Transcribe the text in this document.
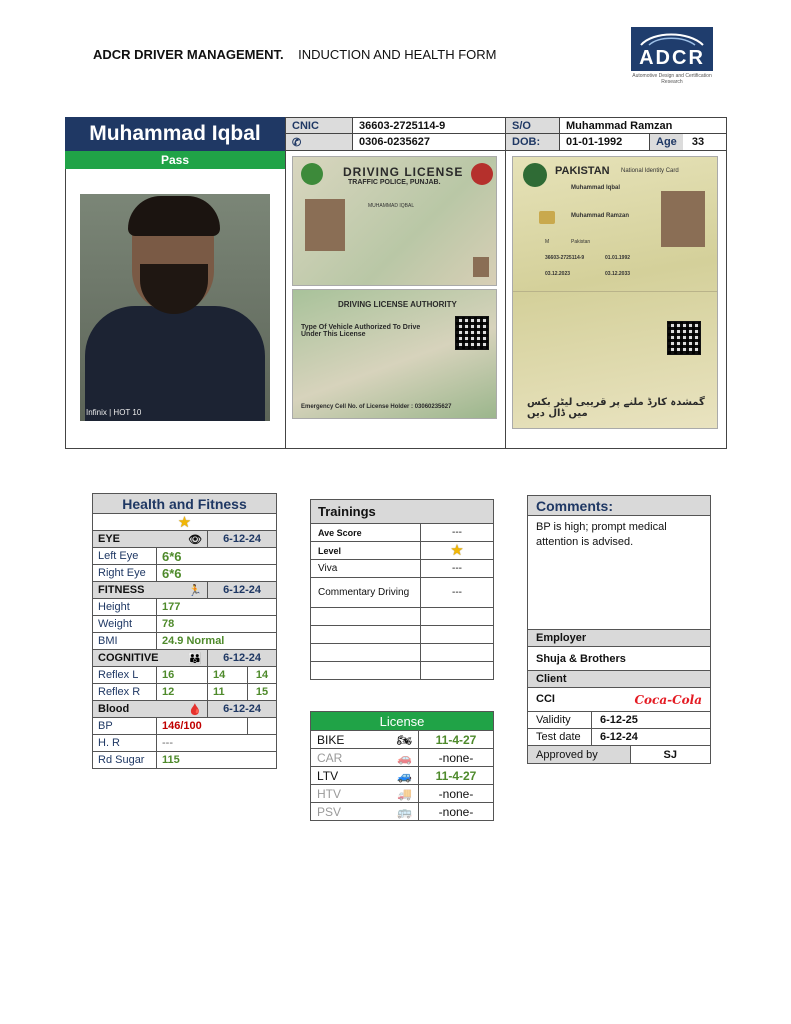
ADCR DRIVER MANAGEMENT. INDUCTION AND HEALTH FORM	ADCR
Automotive Design and Certification Research
Muhammad Iqbal
Pass
Infinix | HOT 10
CNIC	36603-2725114-9	S/O	Muhammad Ramzan	
✆	0306-0235627	DOB:	01-01-1992	Age 33
DRIVING LICENSE
TRAFFIC POLICE, PUNJAB.
MUHAMMAD IQBAL
DRIVING LICENSE AUTHORITY
Type Of Vehicle Authorized To Drive Under This License
Emergency Cell No. of License Holder : 03060235627
PAKISTAN National Identity Card
Muhammad Iqbal
Muhammad Ramzan
M	Pakistan
36603-2725114-9	01.01.1992
03.12.2023	03.12.2033
گمشدہ کارڈ ملنے پر قریبی لیٹر بکس میں ڈال دیں
Health and Fitness			
★			
EYE 👁		6-12-24	
Left Eye	6*6		
Right Eye	6*6		
FITNESS 🏃		6-12-24	
Height	177		
Weight	78		
BMI	24.9 Normal		
COGNITIVE 👪		6-12-24	
Reflex L	16	14	14
Reflex R	12	11	15
Blood 🩸		6-12-24	
BP	146/100		
H. R	---		
Rd Sugar	115		
Trainings	
Ave Score	---
Level	★
Viva	---
Commentary Driving	---

License	
BIKE 🏍	11-4-27
CAR 🚗	-none-
LTV 🚙	11-4-27
HTV 🚚	-none-
PSV 🚌	-none-
Comments:
BP is high; prompt medical attention is advised.
Employer
Shuja & Brothers
Client
CCI	Coca-Cola

Validity	6-12-25
Test date	6-12-24

Approved by	SJ
